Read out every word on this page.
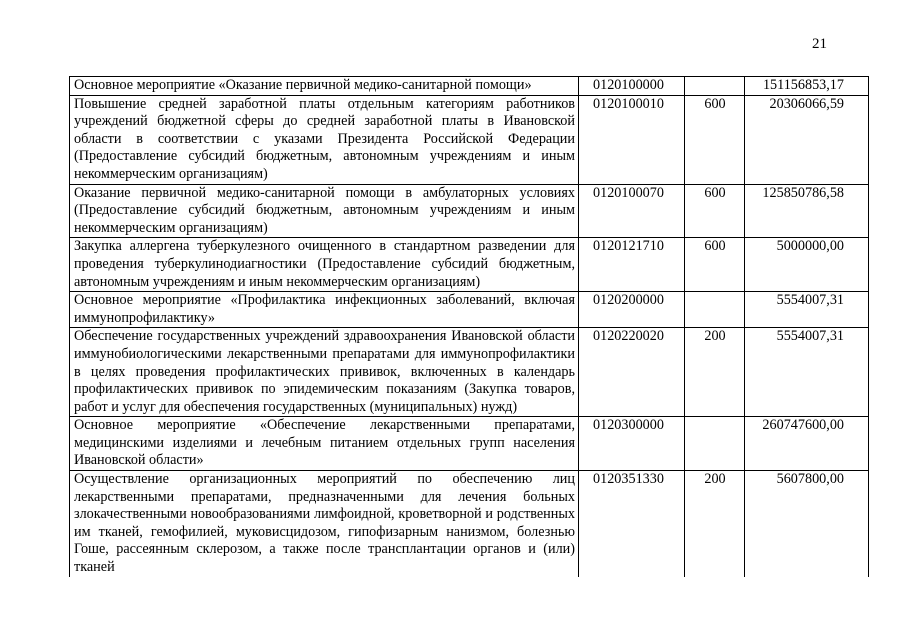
21
Основное мероприятие «Оказание первичной медико-санитарной помощи»	0120100000		151156853,17
Повышение средней заработной платы отдельным категориям работников учреждений бюджетной сферы до средней заработной платы в Ивановской области в соответствии с указами Президента Российской Федерации (Предоставление субсидий бюджетным, автономным учреждениям и иным некоммерческим организациям)	0120100010	600	20306066,59
Оказание первичной медико-санитарной помощи в амбулаторных условиях (Предоставление субсидий бюджетным, автономным учреждениям и иным некоммерческим организациям)	0120100070	600	125850786,58
Закупка аллергена туберкулезного очищенного в стандартном разведении для проведения туберкулинодиагностики (Предоставление субсидий бюджетным, автономным учреждениям и иным некоммерческим организациям)	0120121710	600	5000000,00
Основное мероприятие «Профилактика инфекционных заболеваний, включая иммунопрофилактику»	0120200000		5554007,31
Обеспечение государственных учреждений здравоохранения Ивановской области иммунобиологическими лекарственными препаратами для иммунопрофилактики в целях проведения профилактических прививок, включенных в календарь профилактических прививок по эпидемическим показаниям (Закупка товаров, работ и услуг для обеспечения государственных (муниципальных) нужд)	0120220020	200	5554007,31
Основное мероприятие «Обеспечение лекарственными препаратами, медицинскими изделиями и лечебным питанием отдельных групп населения Ивановской области»	0120300000		260747600,00
Осуществление организационных мероприятий по обеспечению лиц лекарственными препаратами, предназначенными для лечения больных злокачественными новообразованиями лимфоидной, кроветворной и родственных им тканей, гемофилией, муковисцидозом, гипофизарным нанизмом, болезнью Гоше, рассеянным склерозом, а также после трансплантации органов и (или) тканей	0120351330	200	5607800,00
